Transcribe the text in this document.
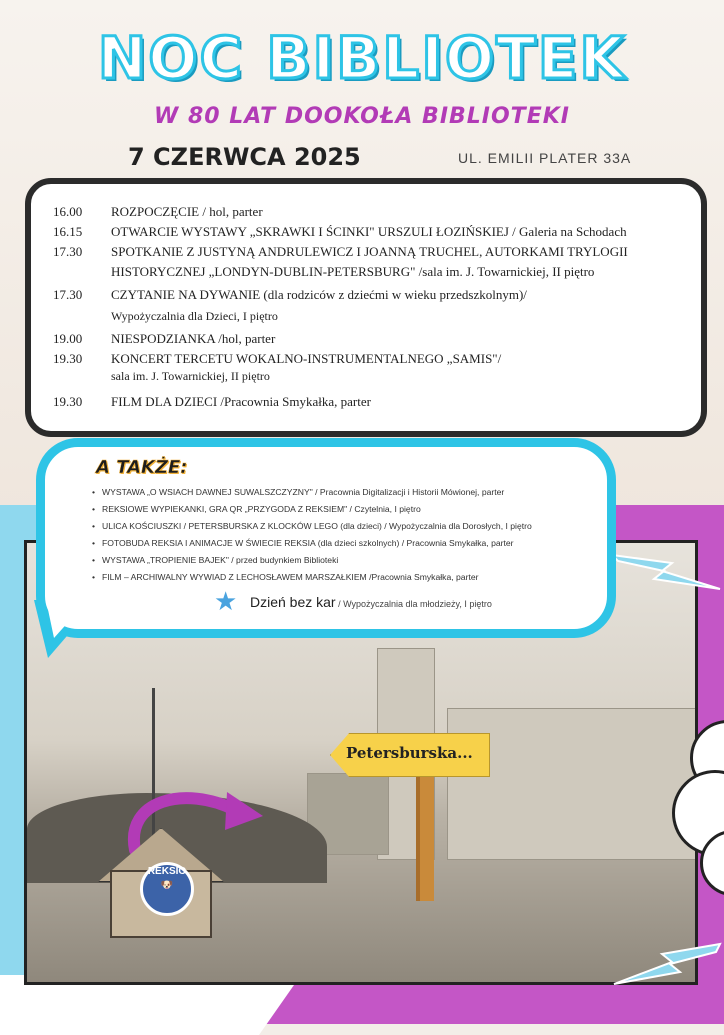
NOC BIBLIOTEK
W 80 LAT DOOKOŁA BIBLIOTEKI
7 CZERWCA 2025	UL. EMILII PLATER 33A
16.00	ROZPOCZĘCIE / hol, parter
16.15	OTWARCIE WYSTAWY „SKRAWKI I ŚCINKI" URSZULI ŁOZIŃSKIEJ / Galeria na Schodach
17.30	SPOTKANIE Z JUSTYNĄ ANDRULEWICZ I JOANNĄ TRUCHEL, AUTORKAMI TRYLOGII
HISTORYCZNEJ „LONDYN-DUBLIN-PETERSBURG" /sala im. J. Towarnickiej, II piętro
17.30	CZYTANIE NA DYWANIE (dla rodziców z dziećmi w wieku przedszkolnym)/
Wypożyczalnia dla Dzieci, I piętro
19.00	NIESPODZIANKA /hol, parter
19.30	KONCERT TERCETU WOKALNO-INSTRUMENTALNEGO „SAMIS"/
sala im. J. Towarnickiej, II piętro
19.30	FILM DLA DZIECI /Pracownia Smykałka, parter
A TAKŻE:
• WYSTAWA „O WSIACH DAWNEJ SUWALSZCZYZNY" / Pracownia Digitalizacji i Historii Mówionej, parter
• REKSIOWE WYPIEKANKI, GRA QR „PRZYGODA Z REKSIEM" / Czytelnia, I piętro
• ULICA KOŚCIUSZKI / PETERSBURSKA Z KLOCKÓW LEGO (dla dzieci) / Wypożyczalnia dla Dorosłych, I piętro
• FOTOBUDA REKSIA I ANIMACJE W ŚWIECIE REKSIA (dla dzieci szkolnych) / Pracownia Smykałka, parter
• WYSTAWA „TROPIENIE BAJEK" / przed budynkiem Biblioteki
• FILM – ARCHIWALNY WYWIAD Z LECHOSŁAWEM MARSZAŁKIEM /Pracownia Smykałka, parter
★ Dzień bez kar / Wypożyczalnia dla młodzieży, I piętro
REKSIO
🐶
Petersburska...
